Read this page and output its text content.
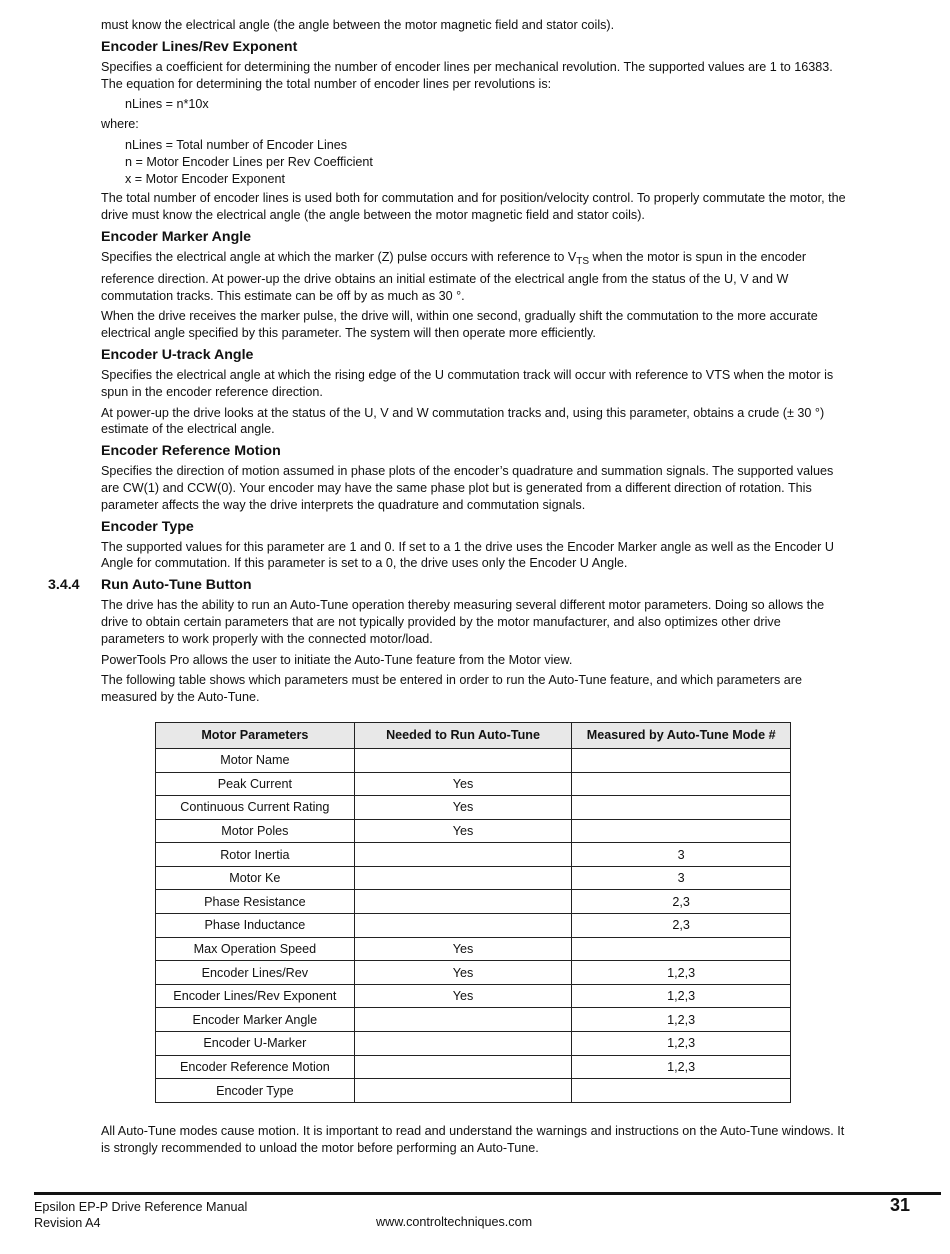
must know the electrical angle (the angle between the motor magnetic field and stator coils).

Encoder Lines/Rev Exponent

Specifies a coefficient for determining the number of encoder lines per mechanical revolution. The supported values are 1 to 16383. The equation for determining the total number of encoder lines per revolutions is:

nLines = n*10x

where:

nLines = Total number of Encoder Lines
n = Motor Encoder Lines per Rev Coefficient
x = Motor Encoder Exponent

The total number of encoder lines is used both for commutation and for position/velocity control. To properly commutate the motor, the drive must know the electrical angle (the angle between the motor magnetic field and stator coils).

Encoder Marker Angle

Specifies the electrical angle at which the marker (Z) pulse occurs with reference to $V_{TS}$ when the motor is spun in the encoder reference direction. At power-up the drive obtains an initial estimate of the electrical angle from the status of the U, V and W commutation tracks. This estimate can be off by as much as 30 °.

When the drive receives the marker pulse, the drive will, within one second, gradually shift the commutation to the more accurate electrical angle specified by this parameter. The system will then operate more efficiently.

Encoder U-track Angle

Specifies the electrical angle at which the rising edge of the U commutation track will occur with reference to VTS when the motor is spun in the encoder reference direction.

At power-up the drive looks at the status of the U, V and W commutation tracks and, using this parameter, obtains a crude (± 30 °) estimate of the electrical angle.

Encoder Reference Motion

Specifies the direction of motion assumed in phase plots of the encoder’s quadrature and summation signals. The supported values are CW(1) and CCW(0). Your encoder may have the same phase plot but is generated from a different direction of rotation. This parameter affects the way the drive interprets the quadrature and commutation signals.

Encoder Type

The supported values for this parameter are 1 and 0. If set to a 1 the drive uses the Encoder Marker angle as well as the Encoder U Angle for commutation. If this parameter is set to a 0, the drive uses only the Encoder U Angle.

3.4.4 Run Auto-Tune Button

The drive has the ability to run an Auto-Tune operation thereby measuring several different motor parameters. Doing so allows the drive to obtain certain parameters that are not typically provided by the motor manufacturer, and also optimizes other drive parameters to work properly with the connected motor/load.

PowerTools Pro allows the user to initiate the Auto-Tune feature from the Motor view.

The following table shows which parameters must be entered in order to run the Auto-Tune feature, and which parameters are measured by the Auto-Tune.

Motor Parameters	Needed to Run Auto-Tune	Measured by Auto-Tune Mode #
Motor Name		
Peak Current	Yes	
Continuous Current Rating	Yes	
Motor Poles	Yes	
Rotor Inertia		3
Motor Ke		3
Phase Resistance		2,3
Phase Inductance		2,3
Max Operation Speed	Yes	
Encoder Lines/Rev	Yes	1,2,3
Encoder Lines/Rev Exponent	Yes	1,2,3
Encoder Marker Angle		1,2,3
Encoder U-Marker		1,2,3
Encoder Reference Motion		1,2,3
Encoder Type		

All Auto-Tune modes cause motion. It is important to read and understand the warnings and instructions on the Auto-Tune windows. It is strongly recommended to unload the motor before performing an Auto-Tune.

Epsilon EP-P Drive Reference Manual
Revision A4	www.controltechniques.com
31
